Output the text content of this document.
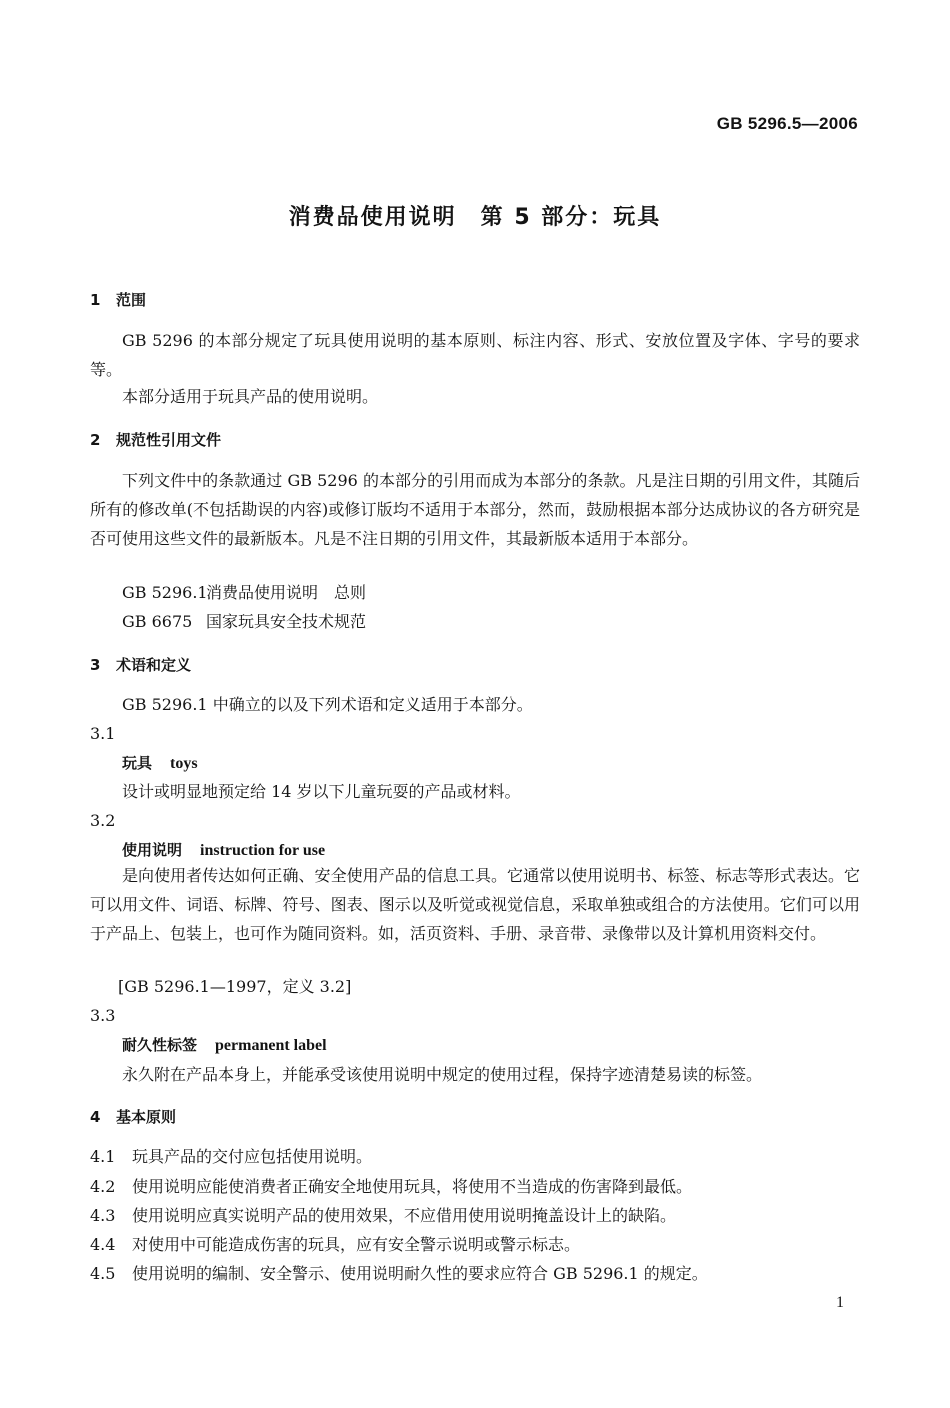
GB 5296.5—2006
消费品使用说明　第 5 部分：玩具
1 范围
GB 5296 的本部分规定了玩具使用说明的基本原则、标注内容、形式、安放位置及字体、字号的要求等。
本部分适用于玩具产品的使用说明。
2 规范性引用文件
下列文件中的条款通过 GB 5296 的本部分的引用而成为本部分的条款。凡是注日期的引用文件，其随后所有的修改单(不包括勘误的内容)或修订版均不适用于本部分，然而，鼓励根据本部分达成协议的各方研究是否可使用这些文件的最新版本。凡是不注日期的引用文件，其最新版本适用于本部分。
GB 5296.1消费品使用说明　总则
GB 6675 国家玩具安全技术规范
3 术语和定义
GB 5296.1 中确立的以及下列术语和定义适用于本部分。
3.1
玩具 toys
设计或明显地预定给 14 岁以下儿童玩耍的产品或材料。
3.2
使用说明 instruction for use
是向使用者传达如何正确、安全使用产品的信息工具。它通常以使用说明书、标签、标志等形式表达。它可以用文件、词语、标牌、符号、图表、图示以及听觉或视觉信息，采取单独或组合的方法使用。它们可以用于产品上、包装上，也可作为随同资料。如，活页资料、手册、录音带、录像带以及计算机用资料交付。
[GB 5296.1—1997，定义 3.2]
3.3
耐久性标签 permanent label
永久附在产品本身上，并能承受该使用说明中规定的使用过程，保持字迹清楚易读的标签。
4 基本原则
4.1 玩具产品的交付应包括使用说明。
4.2 使用说明应能使消费者正确安全地使用玩具，将使用不当造成的伤害降到最低。
4.3 使用说明应真实说明产品的使用效果，不应借用使用说明掩盖设计上的缺陷。
4.4 对使用中可能造成伤害的玩具，应有安全警示说明或警示标志。
4.5 使用说明的编制、安全警示、使用说明耐久性的要求应符合 GB 5296.1 的规定。
1
